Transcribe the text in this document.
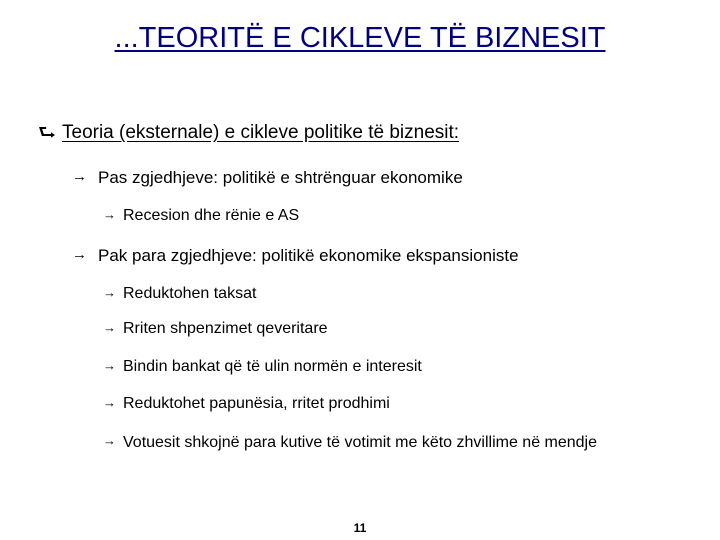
...TEORITË E CIKLEVE TË BIZNESIT
⮑ Teoria (eksternale) e cikleve politike të biznesit:
→ Pas zgjedhjeve: politikë e shtrënguar ekonomike
→ Recesion dhe rënie e AS
→ Pak para zgjedhjeve: politikë ekonomike ekspansioniste
→ Reduktohen taksat
→ Rriten shpenzimet qeveritare
→ Bindin bankat që të ulin normën e interesit
→ Reduktohet papunësia, rritet prodhimi
→ Votuesit shkojnë para kutive të votimit me këto zhvillime në mendje
11
